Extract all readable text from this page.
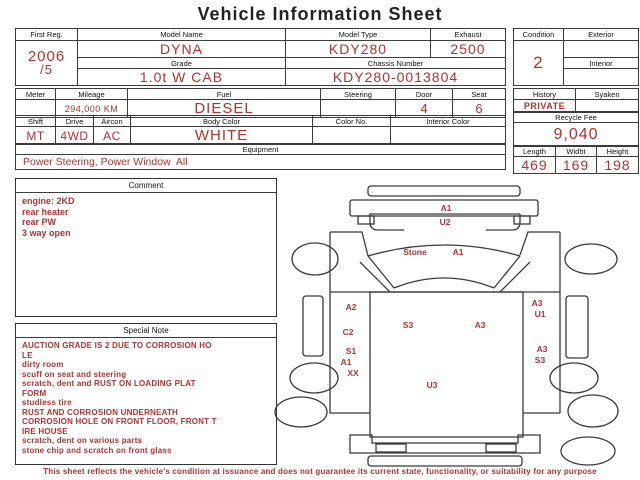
Vehicle Information Sheet
First Reg.	Model Name	Model Type	Exhaust

2006
/5	DYNA	KDY280	2500
	Grade	Chassis Number	
	1.0t W CAB	KDY280-0013804	
Condition	Exterior
2	
	Interior

Meter	Mileage	Fuel	Steering	Door	Seat
	294,000 KM	DIESEL		4	6
Shift	Drive	Aircon	Body Color	Color No.	Interior Color
MT	4WD	AC	WHITE		
Equipment
Power Steering, Power Window  All
History	Syaken
PRIVATE	
Recycle Fee
9,040
Length	Widht	Height
469	169	198
Comment
engine: 2KD
rear heater
rear PW
3 way open
Special Note
AUCTION GRADE IS 2 DUE TO CORROSION HO
LE
dirty room
scuff on seat and steering
scratch, dent and RUST ON LOADING PLAT
FORM
studless tire
RUST AND CORROSION UNDERNEATH
CORROSION HOLE ON FRONT FLOOR, FRONT T
IRE HOUSE
scratch, dent on various parts
stone chip and scratch on front glass
A1
U2
Stone	A1
A2	A3
U1
C2
S3	A3
S1
A1
XX
U3
A3
S3
This sheet reflects the vehicle's condition at issuance and does not guarantee its current state, functionality, or suitability for any purpose
